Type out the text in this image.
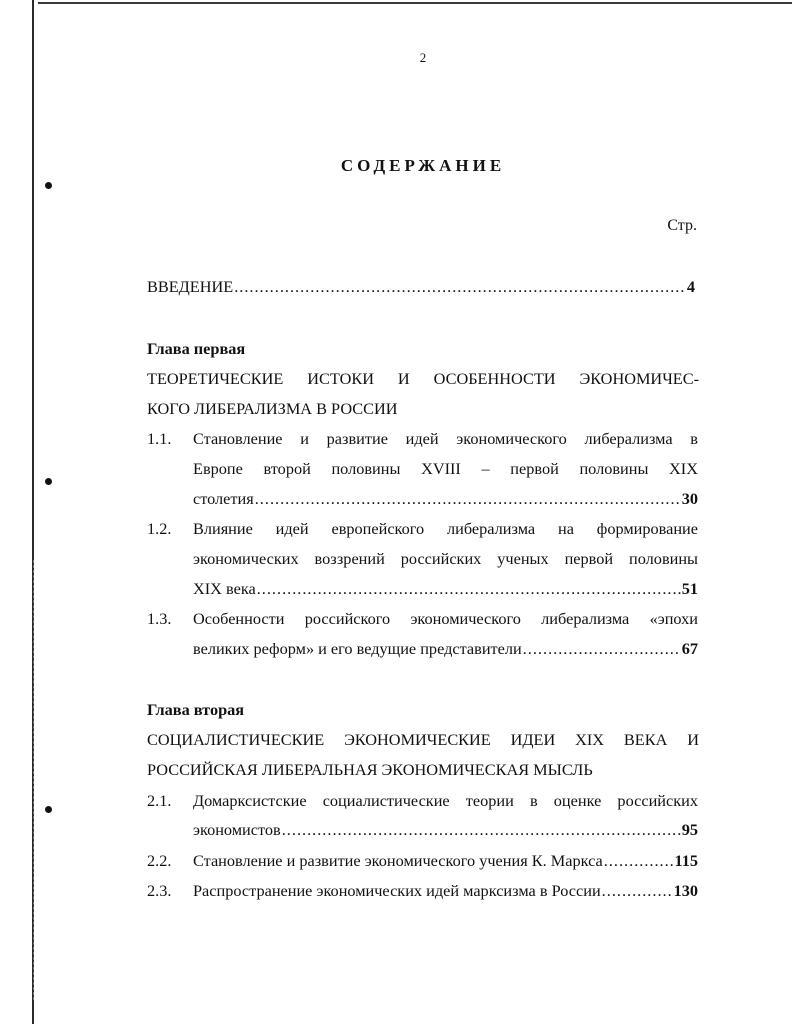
2
СОДЕРЖАНИЕ
Стр.
ВВЕДЕНИЕ .....	4
Глава первая
ТЕОРЕТИЧЕСКИЕ ИСТОКИ И ОСОБЕННОСТИ ЭКОНОМИЧЕС-
КОГО ЛИБЕРАЛИЗМА В РОССИИ
1.1. Становление и развитие идей экономического либерализма в
Европе второй половины XVIII – первой половины XIX
столетия .....	30
1.2. Влияние идей европейского либерализма на формирование
экономических воззрений российских ученых первой половины
XIX века .....	51
1.3. Особенности российского экономического либерализма «эпохи
великих реформ» и его ведущие представители .....	67
Глава вторая
СОЦИАЛИСТИЧЕСКИЕ ЭКОНОМИЧЕСКИЕ ИДЕИ XIX ВЕКА И
РОССИЙСКАЯ ЛИБЕРАЛЬНАЯ ЭКОНОМИЧЕСКАЯ МЫСЛЬ
2.1. Домарксистские социалистические теории в оценке российских
экономистов .....	95
2.2. Становление и развитие экономического учения К. Маркса .....	115
2.3. Распространение экономических идей марксизма в России .....	130
